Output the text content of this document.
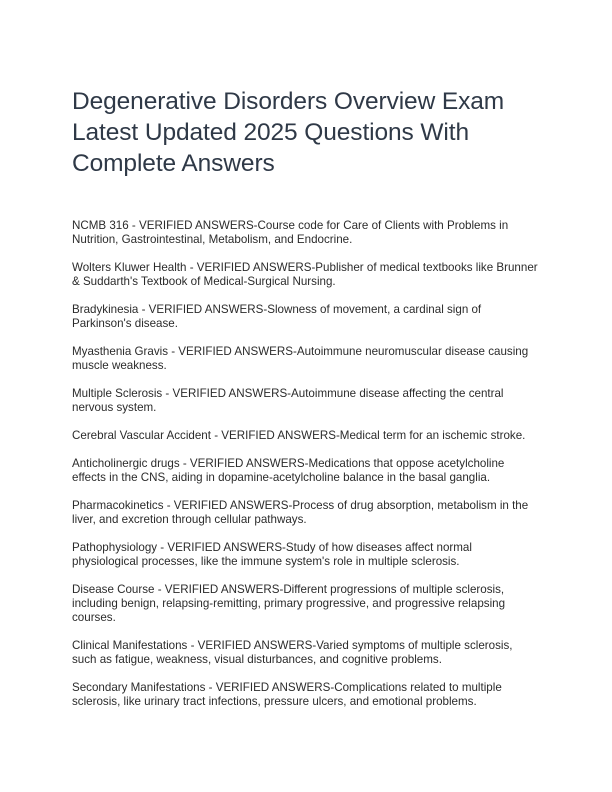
Degenerative Disorders Overview Exam Latest Updated 2025 Questions With Complete Answers
NCMB 316 - VERIFIED ANSWERS-Course code for Care of Clients with Problems in Nutrition, Gastrointestinal, Metabolism, and Endocrine.
Wolters Kluwer Health - VERIFIED ANSWERS-Publisher of medical textbooks like Brunner & Suddarth's Textbook of Medical-Surgical Nursing.
Bradykinesia - VERIFIED ANSWERS-Slowness of movement, a cardinal sign of Parkinson's disease.
Myasthenia Gravis - VERIFIED ANSWERS-Autoimmune neuromuscular disease causing muscle weakness.
Multiple Sclerosis - VERIFIED ANSWERS-Autoimmune disease affecting the central nervous system.
Cerebral Vascular Accident - VERIFIED ANSWERS-Medical term for an ischemic stroke.
Anticholinergic drugs - VERIFIED ANSWERS-Medications that oppose acetylcholine effects in the CNS, aiding in dopamine-acetylcholine balance in the basal ganglia.
Pharmacokinetics - VERIFIED ANSWERS-Process of drug absorption, metabolism in the liver, and excretion through cellular pathways.
Pathophysiology - VERIFIED ANSWERS-Study of how diseases affect normal physiological processes, like the immune system's role in multiple sclerosis.
Disease Course - VERIFIED ANSWERS-Different progressions of multiple sclerosis, including benign, relapsing-remitting, primary progressive, and progressive relapsing courses.
Clinical Manifestations - VERIFIED ANSWERS-Varied symptoms of multiple sclerosis, such as fatigue, weakness, visual disturbances, and cognitive problems.
Secondary Manifestations - VERIFIED ANSWERS-Complications related to multiple sclerosis, like urinary tract infections, pressure ulcers, and emotional problems.
